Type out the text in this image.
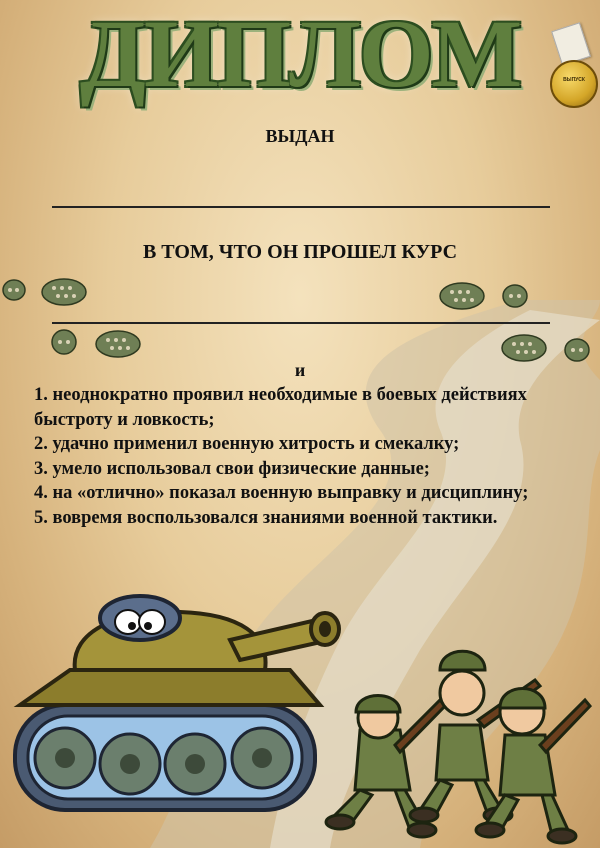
ДИПЛОМ	ВЫПУСК
ВЫДАН
В ТОМ, ЧТО ОН ПРОШЕЛ КУРС
и
1. неоднократно проявил необходимые в боевых действиях быстроту и ловкость;
2. удачно применил военную хитрость и смекалку;
3. умело использовал свои физические данные;
4. на «отлично» показал военную выправку и дисциплину;
5. вовремя воспользовался знаниями военной тактики.
